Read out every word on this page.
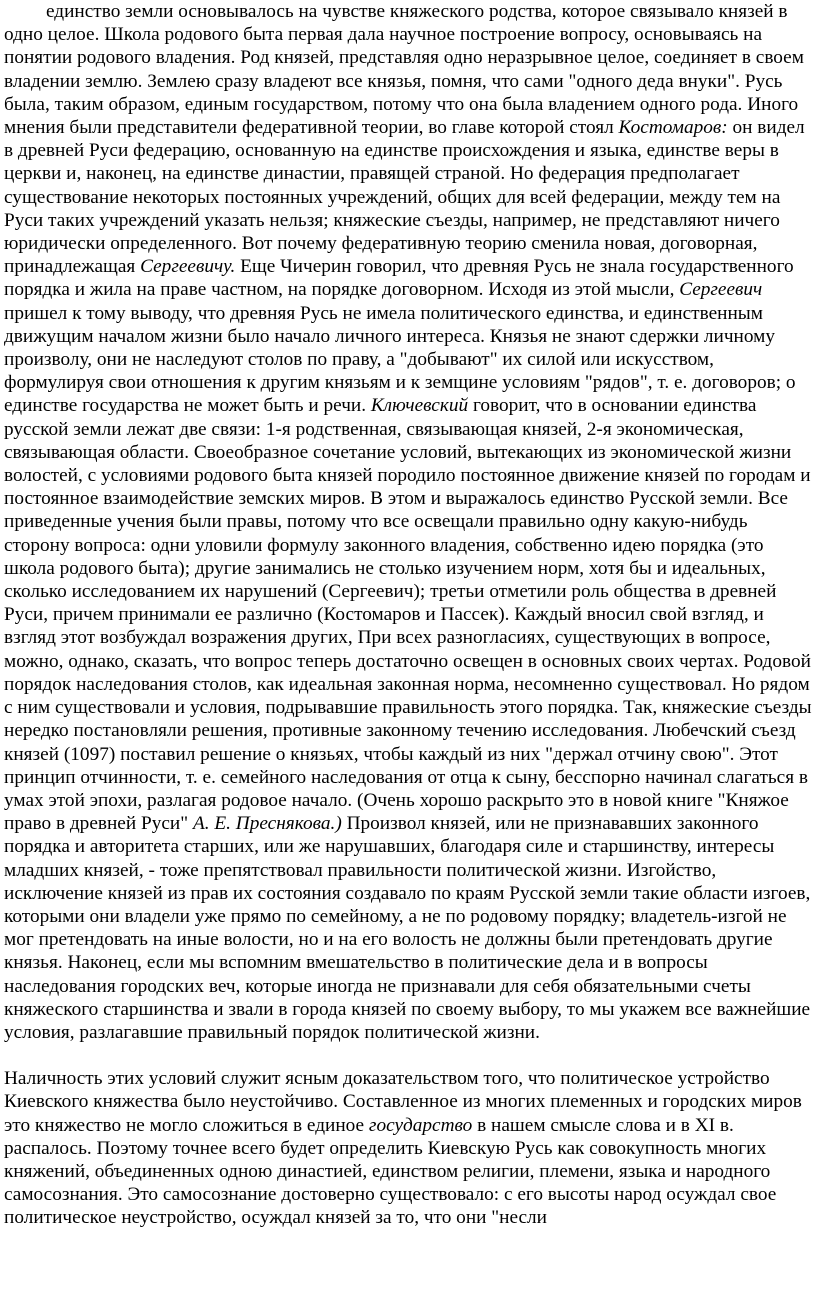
единство земли основывалось на чувстве княжеского родства, которое связывало князей в одно целое. Школа родового быта первая дала научное построение вопросу, основываясь на понятии родового владения. Род князей, представляя одно неразрывное целое, соединяет в своем владении землю. Землею сразу владеют все князья, помня, что сами "одного деда внуки". Русь была, таким образом, единым государством, потому что она была владением одного рода. Иного мнения были представители федеративной теории, во главе которой стоял Костомаров: он видел в древней Руси федерацию, основанную на единстве происхождения и языка, единстве веры в церкви и, наконец, на единстве династии, правящей страной. Но федерация предполагает существование некоторых постоянных учреждений, общих для всей федерации, между тем на Руси таких учреждений указать нельзя; княжеские съезды, например, не представляют ничего юридически определенного. Вот почему федеративную теорию сменила новая, договорная, принадлежащая Сергеевичу. Еще Чичерин говорил, что древняя Русь не знала государственного порядка и жила на праве частном, на порядке договорном. Исходя из этой мысли, Сергеевич пришел к тому выводу, что древняя Русь не имела политического единства, и единственным движущим началом жизни было начало личного интереса. Князья не знают сдержки личному произволу, они не наследуют столов по праву, а "добывают" их силой или искусством, формулируя свои отношения к другим князьям и к земщине условиям "рядов", т. е. договоров; о единстве государства не может быть и речи. Ключевский говорит, что в основании единства русской земли лежат две связи: 1-я родственная, связывающая князей, 2-я экономическая, связывающая области. Своеобразное сочетание условий, вытекающих из экономической жизни волостей, с условиями родового быта князей породило постоянное движение князей по городам и постоянное взаимодействие земских миров. В этом и выражалось единство Русской земли. Все приведенные учения были правы, потому что все освещали правильно одну какую-нибудь сторону вопроса: одни уловили формулу законного владения, собственно идею порядка (это школа родового быта); другие занимались не столько изучением норм, хотя бы и идеальных, сколько исследованием их нарушений (Сергеевич); третьи отметили роль общества в древней Руси, причем принимали ее различно (Костомаров и Пассек). Каждый вносил свой взгляд, и взгляд этот возбуждал возражения других, При всех разногласиях, существующих в вопросе, можно, однако, сказать, что вопрос теперь достаточно освещен в основных своих чертах. Родовой порядок наследования столов, как идеальная законная норма, несомненно существовал. Но рядом с ним существовали и условия, подрывавшие правильность этого порядка. Так, княжеские съезды нередко постановляли решения, противные законному течению исследования. Любечский съезд князей (1097) поставил решение о князьях, чтобы каждый из них "держал отчину свою". Этот принцип отчинности, т. е. семейного наследования от отца к сыну, бесспорно начинал слагаться в умах этой эпохи, разлагая родовое начало. (Очень хорошо раскрыто это в новой книге "Княжое право в древней Руси" А. Е. Преснякова.) Произвол князей, или не признававших законного порядка и авторитета старших, или же нарушавших, благодаря силе и старшинству, интересы младших князей, - тоже препятствовал правильности политической жизни. Изгойство, исключение князей из прав их состояния создавало по краям Русской земли такие области изгоев, которыми они владели уже прямо по семейному, а не по родовому порядку; владетель-изгой не мог претендовать на иные волости, но и на его волость не должны были претендовать другие князья. Наконец, если мы вспомним вмешательство в политические дела и в вопросы наследования городских веч, которые иногда не признавали для себя обязательными счеты княжеского старшинства и звали в города князей по своему выбору, то мы укажем все важнейшие условия, разлагавшие правильный порядок политической жизни.

Наличность этих условий служит ясным доказательством того, что политическое устройство Киевского княжества было неустойчиво. Составленное из многих племенных и городских миров это княжество не могло сложиться в единое государство в нашем смысле слова и в XI в. распалось. Поэтому точнее всего будет определить Киевскую Русь как совокупность многих княжений, объединенных одною династией, единством религии, племени, языка и народного самосознания. Это самосознание достоверно существовало: с его высоты народ осуждал свое политическое неустройство, осуждал князей за то, что они "несли
